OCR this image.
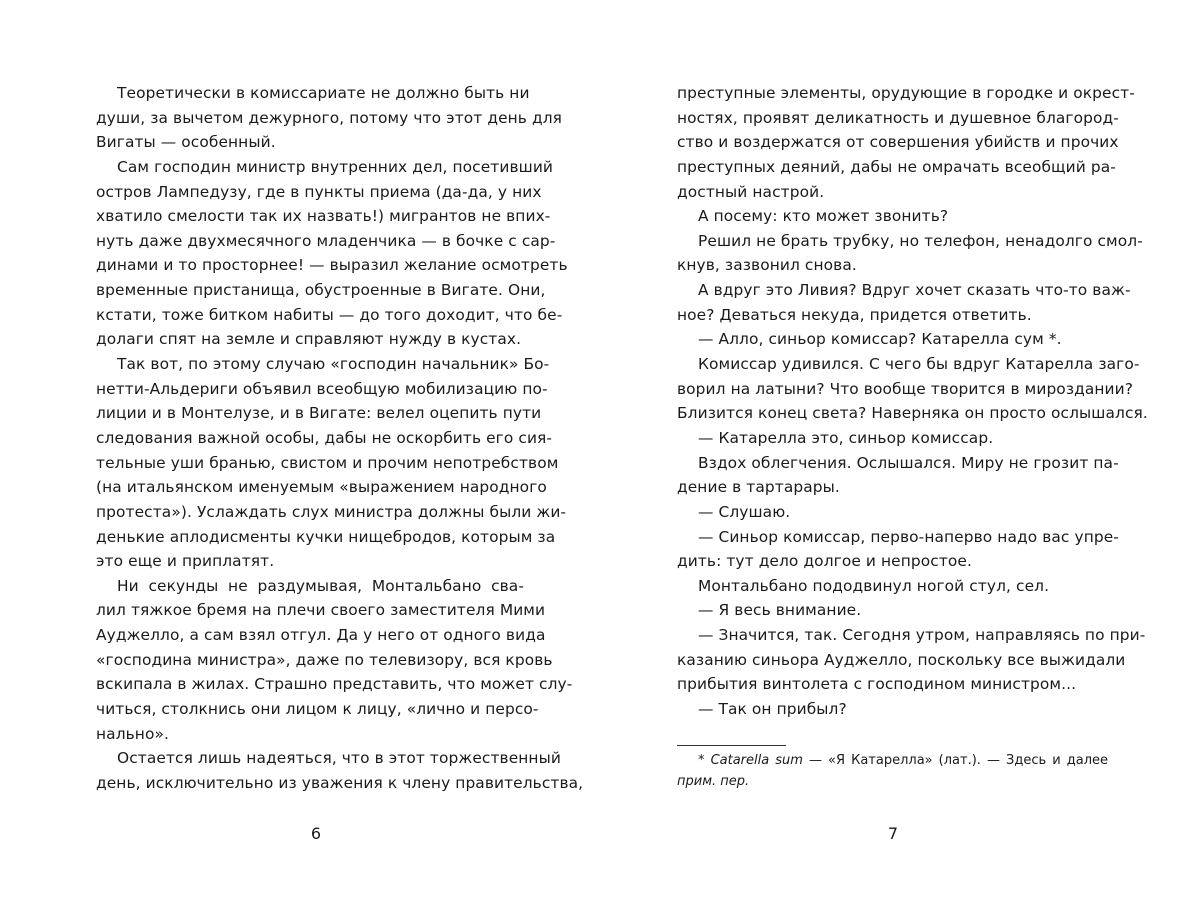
Теоретически в комиссариате не должно быть ни
души, за вычетом дежурного, потому что этот день для
Вигаты — особенный.
Сам господин министр внутренних дел, посетивший
остров Лампедузу, где в пункты приема (да-да, у них
хватило смелости так их назвать!) мигрантов не впих-
нуть даже двухмесячного младенчика — в бочке с сар-
динами и то просторнее! — выразил желание осмотреть
временные пристанища, обустроенные в Вигате. Они,
кстати, тоже битком набиты — до того доходит, что бе-
долаги спят на земле и справляют нужду в кустах.
Так вот, по этому случаю «господин начальник» Бо-
нетти-Альдериги объявил всеобщую мобилизацию по-
лиции и в Монтелузе, и в Вигате: велел оцепить пути
следования важной особы, дабы не оскорбить его сия-
тельные уши бранью, свистом и прочим непотребством
(на итальянском именуемым «выражением народного
протеста»). Услаждать слух министра должны были жи-
денькие аплодисменты кучки нищебродов, которым за
это еще и приплатят.
Ни секунды не раздумывая, Монтальбано сва-
лил тяжкое бремя на плечи своего заместителя Мими
Ауджелло, а сам взял отгул. Да у него от одного вида
«господина министра», даже по телевизору, вся кровь
вскипала в жилах. Страшно представить, что может слу-
читься, столкнись они лицом к лицу, «лично и персо-
нально».
Остается лишь надеяться, что в этот торжественный
день, исключительно из уважения к члену правительства,
6
преступные элементы, орудующие в городке и окрест-
ностях, проявят деликатность и душевное благород-
ство и воздержатся от совершения убийств и прочих
преступных деяний, дабы не омрачать всеобщий ра-
достный настрой.
А посему: кто может звонить?
Решил не брать трубку, но телефон, ненадолго смол-
кнув, зазвонил снова.
А вдруг это Ливия? Вдруг хочет сказать что-то важ-
ное? Деваться некуда, придется ответить.
— Алло, синьор комиссар? Катарелла сум *.
Комиссар удивился. С чего бы вдруг Катарелла заго-
ворил на латыни? Что вообще творится в мироздании?
Близится конец света? Наверняка он просто ослышался.
— Катарелла это, синьор комиссар.
Вздох облегчения. Ослышался. Миру не грозит па-
дение в тартарары.
— Слушаю.
— Синьор комиссар, перво-наперво надо вас упре-
дить: тут дело долгое и непростое.
Монтальбано пододвинул ногой стул, сел.
— Я весь внимание.
— Значится, так. Сегодня утром, направляясь по при-
казанию синьора Ауджелло, поскольку все выжидали
прибытия винтолета с господином министром...
— Так он прибыл?
* Catarella sum — «Я Катарелла» (лат.). — Здесь и далее
прим. пер.
7
